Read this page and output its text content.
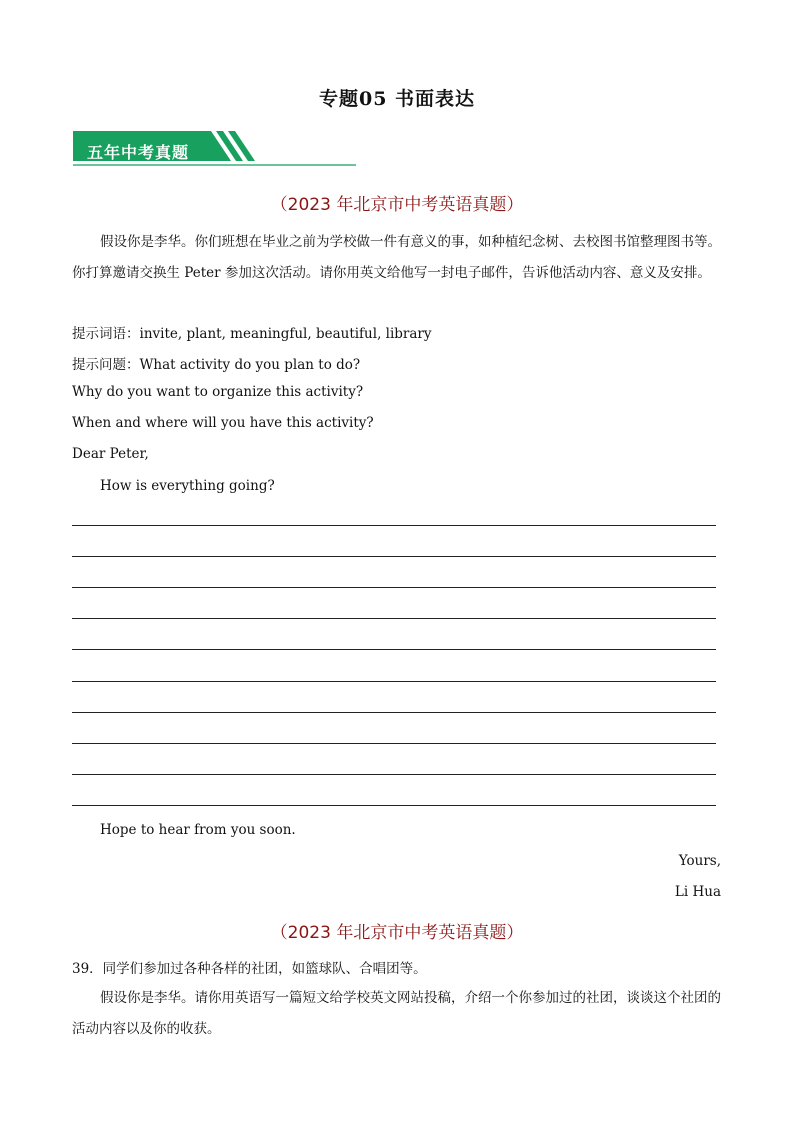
专题05 书面表达
五年中考真题
（2023 年北京市中考英语真题）
假设你是李华。你们班想在毕业之前为学校做一件有意义的事，如种植纪念树、去校图书馆整理图书等。你打算邀请交换生 Peter 参加这次活动。请你用英文给他写一封电子邮件，告诉他活动内容、意义及安排。
提示词语：invite, plant, meaningful, beautiful, library
提示问题：What activity do you plan to do?
Why do you want to organize this activity?
When and where will you have this activity?
Dear Peter,
How is everything going?
Hope to hear from you soon.
Yours,
Li Hua
（2023 年北京市中考英语真题）
39．同学们参加过各种各样的社团，如篮球队、合唱团等。
假设你是李华。请你用英语写一篇短文给学校英文网站投稿，介绍一个你参加过的社团，谈谈这个社团的活动内容以及你的收获。
